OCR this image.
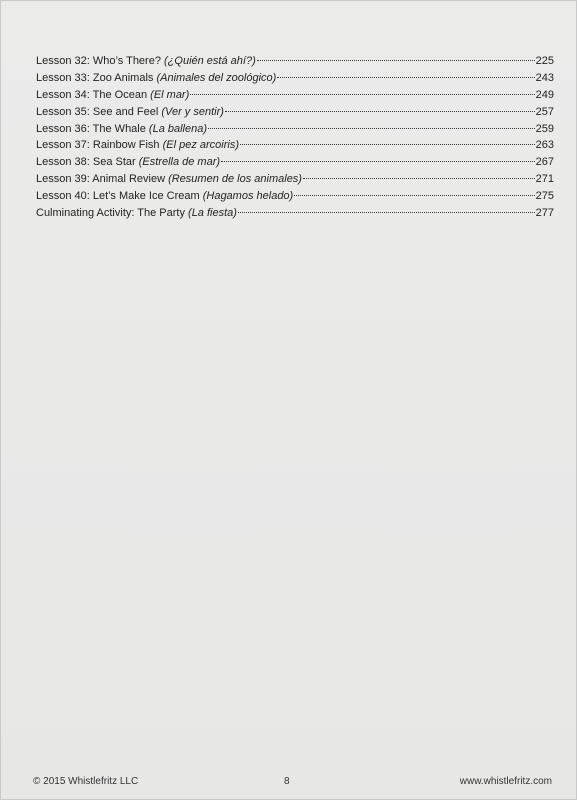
Lesson 32: Who’s There? (¿Quién está ahí?)	225
Lesson 33: Zoo Animals (Animales del zoológico)	243
Lesson 34: The Ocean (El mar)	249
Lesson 35: See and Feel (Ver y sentir)	257
Lesson 36: The Whale (La ballena)	259
Lesson 37: Rainbow Fish (El pez arcoiris)	263
Lesson 38: Sea Star (Estrella de mar)	267
Lesson 39: Animal Review (Resumen de los animales)	271
Lesson 40: Let’s Make Ice Cream (Hagamos helado)	275
Culminating Activity: The Party (La fiesta)	277
© 2015 Whistlefritz LLC	8	www.whistlefritz.com
